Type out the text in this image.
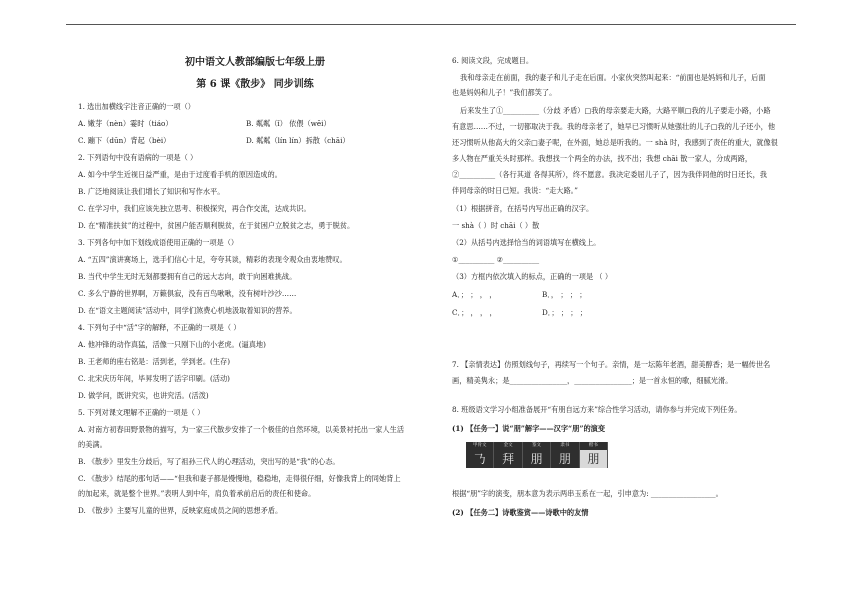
初中语文人教部编版七年级上册
第 6 课《散步》 同步训练
1. 选出加横线字注音正确的一项（）
A. 嫩芽（nèn）霎时（tiáo）	B. 粼粼（ǐ） 依偎（wēi）
C. 蹦下（dūn）背起（bèi）	D. 粼粼（lín lín）拆散（chāi）
2. 下列语句中没有语病的一项是（ ）
A. 如今中学生近视日益严重，是由于过度看手机的原因造成的。
B. 广泛地阅读让我们增长了知识和写作水平。
C. 在学习中，我们应该先独立思考、积极探究，再合作交流，达成共识。
D. 在“精准扶贫”的过程中，贫困户能否顺利脱贫，在于贫困户立脱贫之志，勇于脱贫。
3. 下列各句中加下划线成语使用正确的一项是（）
A. “五四”演讲赛场上，选手们信心十足，夸夸其谈，精彩的表现令观众由衷地赞叹。
B. 当代中学生无时无刻都要拥有自己的远大志向，敢于向困难挑战。
C. 多么宁静的世界啊，万籁俱寂，没有百鸟啾啾，没有树叶沙沙……
D. 在“语文主题阅读”活动中，同学们煞费心机地汲取着知识的营养。
4. 下列句子中“活”字的解释，不正确的一项是（ ）
A. 他冲锋的动作真猛，活像一只刚下山的小老虎。(逼真地)
B. 王老师的座右铭是：活到老，学到老。(生存)
C. 北宋庆历年间，毕昇发明了活字印刷。(活动)
D. 做学问，既讲究实，也讲究活。(活泼)
5. 下列对课文理解不正确的一项是（ ）
A. 对南方初春田野景物的描写，为一家三代散步安排了一个极佳的自然环境，以美景衬托出一家人生活
的美满。
B. 《散步》里发生分歧后，写了祖孙三代人的心理活动，突出写的是“我”的心态。
C. 《散步》结尾的那句话——“但我和妻子都是慢慢地，稳稳地，走得很仔细，好像我背上的同她背上
的加起来，就是整个世界。”表明人到中年，肩负着承前启后的责任和使命。
D. 《散步》主要写儿童的世界，反映家庭成员之间的思想矛盾。
6. 阅读文段，完成题目。
我和母亲走在前面，我的妻子和儿子走在后面。小家伙突然叫起来：“前面也是妈妈和儿子，后面
也是妈妈和儿子！”我们都笑了。
后来发生了①__________（分歧 矛盾）□我的母亲要走大路，大路平顺□我的儿子要走小路，小路
有意思……不过，一切都取决于我。我的母亲老了，她早已习惯听从她强壮的儿子□我的儿子还小，他
还习惯听从他高大的父亲□妻子呢，在外面，她总是听我的。一 shà 时，我感到了责任的重大，就像很
多人物在严重关头时那样。我想找一个两全的办法，找不出；我想 chāi 散一家人，分成两路，
②__________（各行其道 各得其所），终不愿意。我决定委屈儿子了，因为我伴同他的时日还长，我
伴同母亲的时日已短。我说：“走大路。”
（1）根据拼音，在括号内写出正确的汉字。
一 shà（ ）时 chāi（ ）散
（2）从括号内选择恰当的词语填写在横线上。
①__________ ②__________
（3）方框内依次填入的标点，正确的一项是 （ ）
A．； ； ， ，	B．， ； ； ；
C．； ， ， ，	D．； ； ； ；
7. 【亲情表达】仿照划线句子，再续写一个句子。亲情，是一坛陈年老酒，甜美醇香；是一幅传世名
画，精美隽永；是________________，________________；是一首永恒的歌，细腻光滑。
8. 班级语文学习小组准备展开“有朋自远方来”综合性学习活动，请你参与并完成下列任务。
(1) 【任务一】说“朋”解字——汉字“朋”的演变
甲骨文	金文	篆文	隶书	楷书
𠄎	拜	朋	朋	朋
根据“朋”字的演变，朋本意为表示两串玉系在一起，引申意为: __________________。
(2) 【任务二】诗歌鉴赏——诗歌中的友情
